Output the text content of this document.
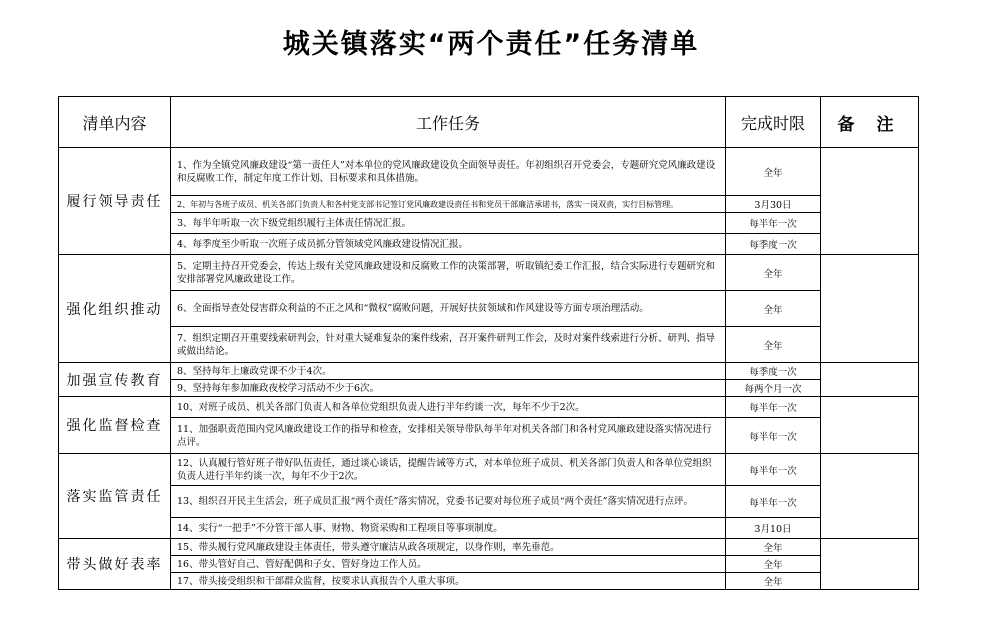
城关镇落实“两个责任”任务清单
清单内容	工作任务	完成时限	备 注
履行领导责任	1、作为全镇党风廉政建设“第一责任人”对本单位的党风廉政建设负全面领导责任。年初组织召开党委会，专题研究党风廉政建设和反腐败工作，制定年度工作计划、目标要求和具体措施。	全年	
	2、年初与各班子成员、机关各部门负责人和各村党支部书记签订党风廉政建设责任书和党员干部廉洁承诺书，落实一岗双责，实行目标管理。	3月30日	
	3、每半年听取一次下级党组织履行主体责任情况汇报。	每半年一次	
	4、每季度至少听取一次班子成员抓分管领域党风廉政建设情况汇报。	每季度一次	
强化组织推动	5、定期主持召开党委会，传达上级有关党风廉政建设和反腐败工作的决策部署，听取镇纪委工作汇报，结合实际进行专题研究和安排部署党风廉政建设工作。	全年	
	6、全面指导查处侵害群众利益的不正之风和“微权”腐败问题，开展好扶贫领域和作风建设等方面专项治理活动。	全年	
	7、组织定期召开重要线索研判会，针对重大疑难复杂的案件线索，召开案件研判工作会，及时对案件线索进行分析、研判、指导或做出结论。	全年	
加强宣传教育	8、坚持每年上廉政党课不少于4次。	每季度一次	
	9、坚持每年参加廉政夜校学习活动不少于6次。	每两个月一次	
强化监督检查	10、对班子成员、机关各部门负责人和各单位党组织负责人进行半年约谈一次，每年不少于2次。	每半年一次	
	11、加强职责范围内党风廉政建设工作的指导和检查，安排相关领导带队每半年对机关各部门和各村党风廉政建设落实情况进行点评。	每半年一次	
落实监管责任	12、认真履行管好班子带好队伍责任，通过谈心谈话，提醒告诫等方式，对本单位班子成员、机关各部门负责人和各单位党组织负责人进行半年约谈一次，每年不少于2次。	每半年一次	
	13、组织召开民主生活会，班子成员汇报“两个责任”落实情况，党委书记要对每位班子成员“两个责任”落实情况进行点评。	每半年一次	
	14、实行“一把手”不分管干部人事、财物、物资采购和工程项目等事项制度。	3月10日	
带头做好表率	15、带头履行党风廉政建设主体责任，带头遵守廉洁从政各项规定，以身作则，率先垂范。	全年	
	16、带头管好自己、管好配偶和子女、管好身边工作人员。	全年	
	17、带头接受组织和干部群众监督，按要求认真报告个人重大事项。	全年	
